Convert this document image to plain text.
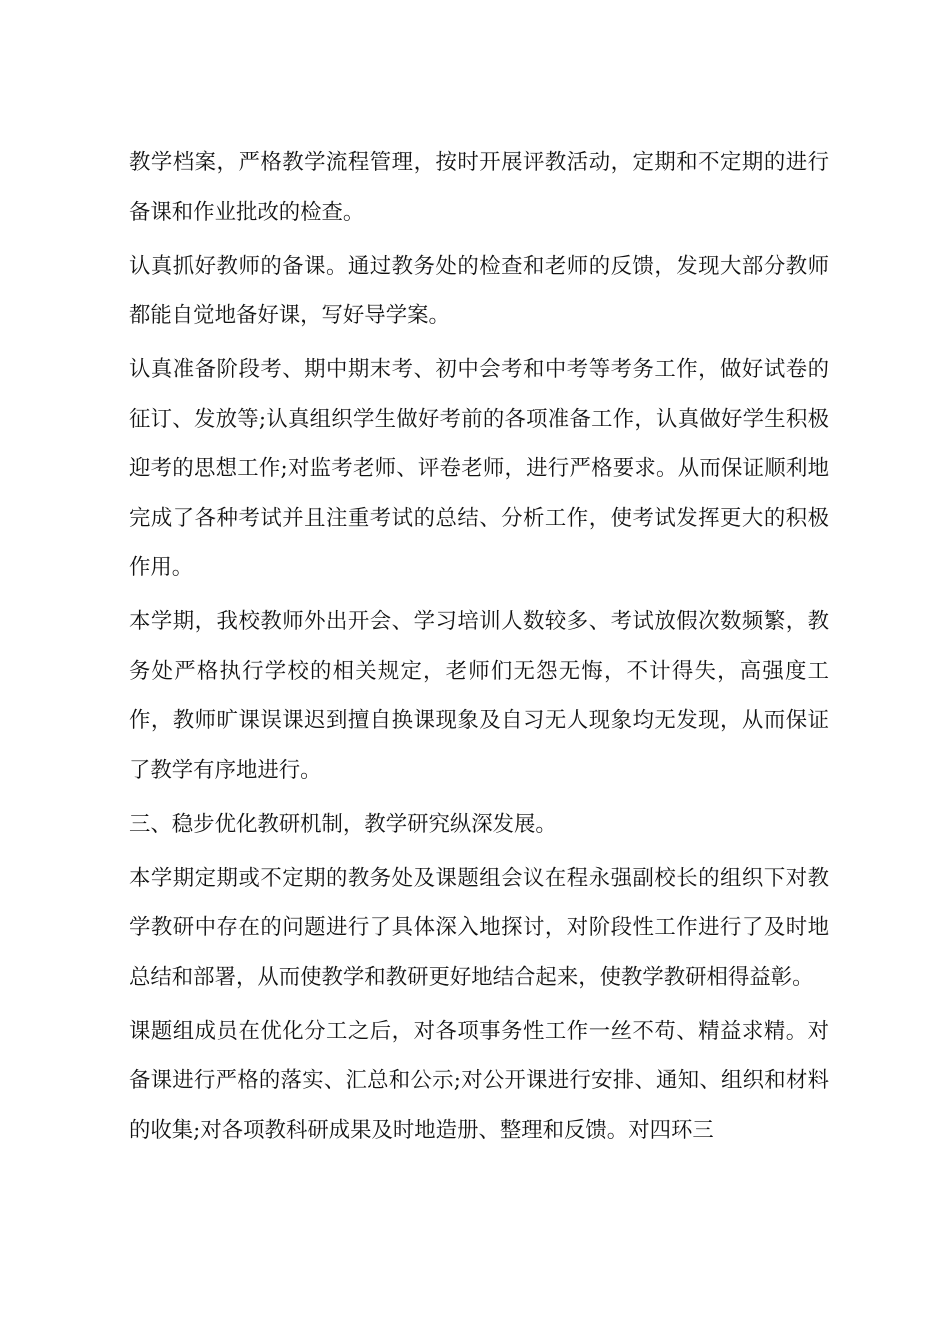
教学档案，严格教学流程管理，按时开展评教活动，定期和不定期的进行备课和作业批改的检查。

认真抓好教师的备课。通过教务处的检查和老师的反馈，发现大部分教师都能自觉地备好课，写好导学案。

认真准备阶段考、期中期末考、初中会考和中考等考务工作，做好试卷的征订、发放等;认真组织学生做好考前的各项准备工作，认真做好学生积极迎考的思想工作;对监考老师、评卷老师，进行严格要求。从而保证顺利地完成了各种考试并且注重考试的总结、分析工作，使考试发挥更大的积极作用。

本学期，我校教师外出开会、学习培训人数较多、考试放假次数频繁，教务处严格执行学校的相关规定，老师们无怨无悔，不计得失，高强度工作，教师旷课误课迟到擅自换课现象及自习无人现象均无发现，从而保证了教学有序地进行。

三、稳步优化教研机制，教学研究纵深发展。

本学期定期或不定期的教务处及课题组会议在程永强副校长的组织下对教学教研中存在的问题进行了具体深入地探讨，对阶段性工作进行了及时地总结和部署，从而使教学和教研更好地结合起来，使教学教研相得益彰。

课题组成员在优化分工之后，对各项事务性工作一丝不苟、精益求精。对备课进行严格的落实、汇总和公示;对公开课进行安排、通知、组织和材料的收集;对各项教科研成果及时地造册、整理和反馈。对四环三
